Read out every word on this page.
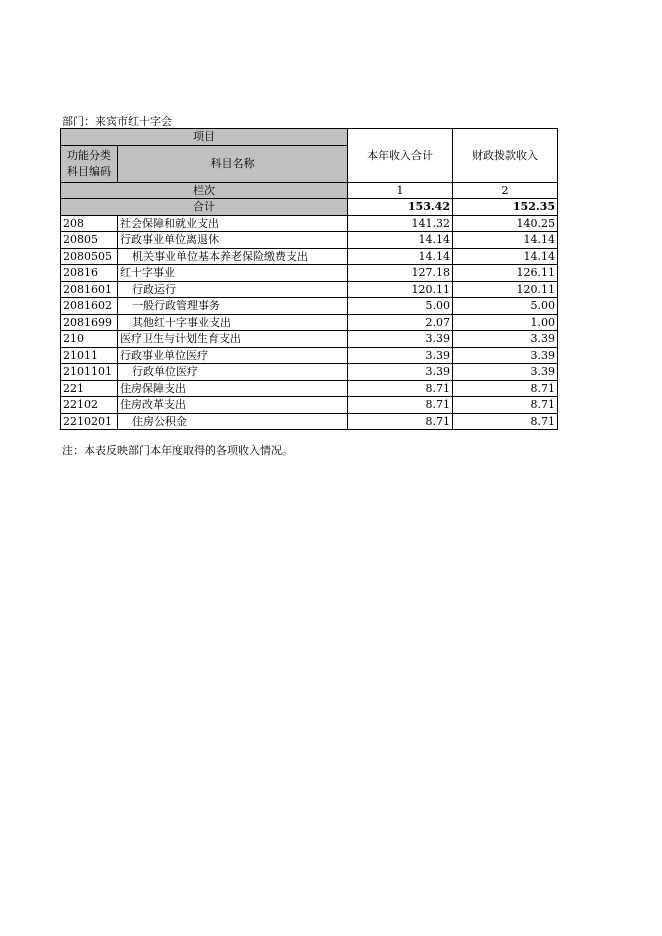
部门：来宾市红十字会
项目		本年收入合计	财政拨款收入

功能分类
科目编码	科目名称		

栏次		1	2
合计		153.42	152.35
208	社会保障和就业支出	141.32	140.25
20805	行政事业单位离退休	14.14	14.14
2080505	机关事业单位基本养老保险缴费支出	14.14	14.14
20816	红十字事业	127.18	126.11
2081601	行政运行	120.11	120.11
2081602	一般行政管理事务	5.00	5.00
2081699	其他红十字事业支出	2.07	1.00
210	医疗卫生与计划生育支出	3.39	3.39
21011	行政事业单位医疗	3.39	3.39
2101101	行政单位医疗	3.39	3.39
221	住房保障支出	8.71	8.71
22102	住房改革支出	8.71	8.71
2210201	住房公积金	8.71	8.71
注：本表反映部门本年度取得的各项收入情况。
